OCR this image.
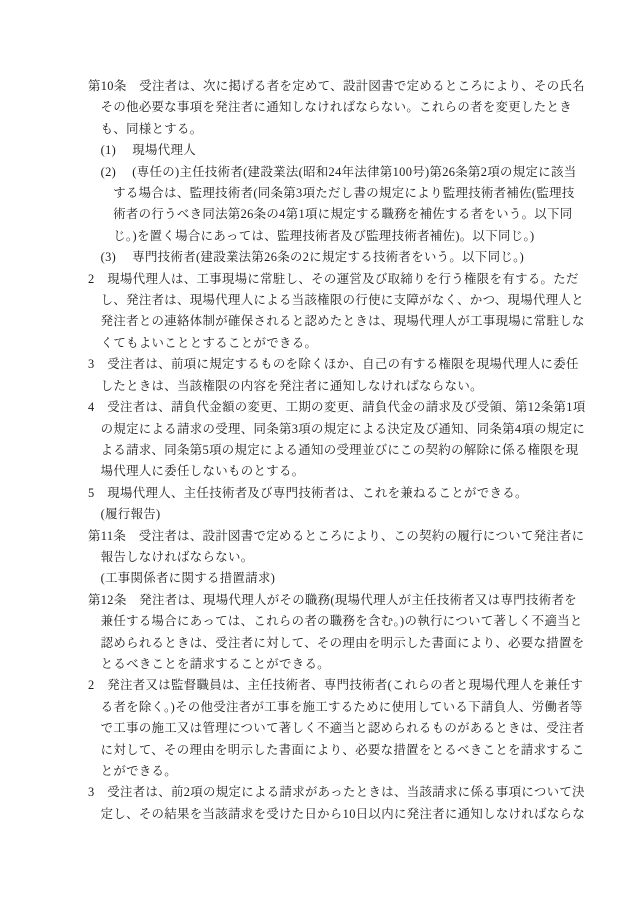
第10条　受注者は、次に掲げる者を定めて、設計図書で定めるところにより、その氏名

その他必要な事項を発注者に通知しなければならない。これらの者を変更したとき

も、同様とする。

(1)　 現場代理人

(2)　 (専任の)主任技術者(建設業法(昭和24年法律第100号)第26条第2項の規定に該当

する場合は、監理技術者(同条第3項ただし書の規定により監理技術者補佐(監理技

術者の行うべき同法第26条の4第1項に規定する職務を補佐する者をいう。以下同

じ。)を置く場合にあっては、監理技術者及び監理技術者補佐)。以下同じ。)

(3)　 専門技術者(建設業法第26条の2に規定する技術者をいう。以下同じ。)

2　現場代理人は、工事現場に常駐し、その運営及び取締りを行う権限を有する。ただ

し、発注者は、現場代理人による当該権限の行使に支障がなく、かつ、現場代理人と

発注者との連絡体制が確保されると認めたときは、現場代理人が工事現場に常駐しな

くてもよいこととすることができる。

3　受注者は、前項に規定するものを除くほか、自己の有する権限を現場代理人に委任

したときは、当該権限の内容を発注者に通知しなければならない。

4　受注者は、請負代金額の変更、工期の変更、請負代金の請求及び受領、第12条第1項

の規定による請求の受理、同条第3項の規定による決定及び通知、同条第4項の規定に

よる請求、同条第5項の規定による通知の受理並びにこの契約の解除に係る権限を現

場代理人に委任しないものとする。

5　現場代理人、主任技術者及び専門技術者は、これを兼ねることができる。

(履行報告)

第11条　受注者は、設計図書で定めるところにより、この契約の履行について発注者に

報告しなければならない。

(工事関係者に関する措置請求)

第12条　発注者は、現場代理人がその職務(現場代理人が主任技術者又は専門技術者を

兼任する場合にあっては、これらの者の職務を含む。)の執行について著しく不適当と

認められるときは、受注者に対して、その理由を明示した書面により、必要な措置を

とるべきことを請求することができる。

2　発注者又は監督職員は、主任技術者、専門技術者(これらの者と現場代理人を兼任す

る者を除く。)その他受注者が工事を施工するために使用している下請負人、労働者等

で工事の施工又は管理について著しく不適当と認められるものがあるときは、受注者

に対して、その理由を明示した書面により、必要な措置をとるべきことを請求するこ

とができる。

3　受注者は、前2項の規定による請求があったときは、当該請求に係る事項について決

定し、その結果を当該請求を受けた日から10日以内に発注者に通知しなければならな
